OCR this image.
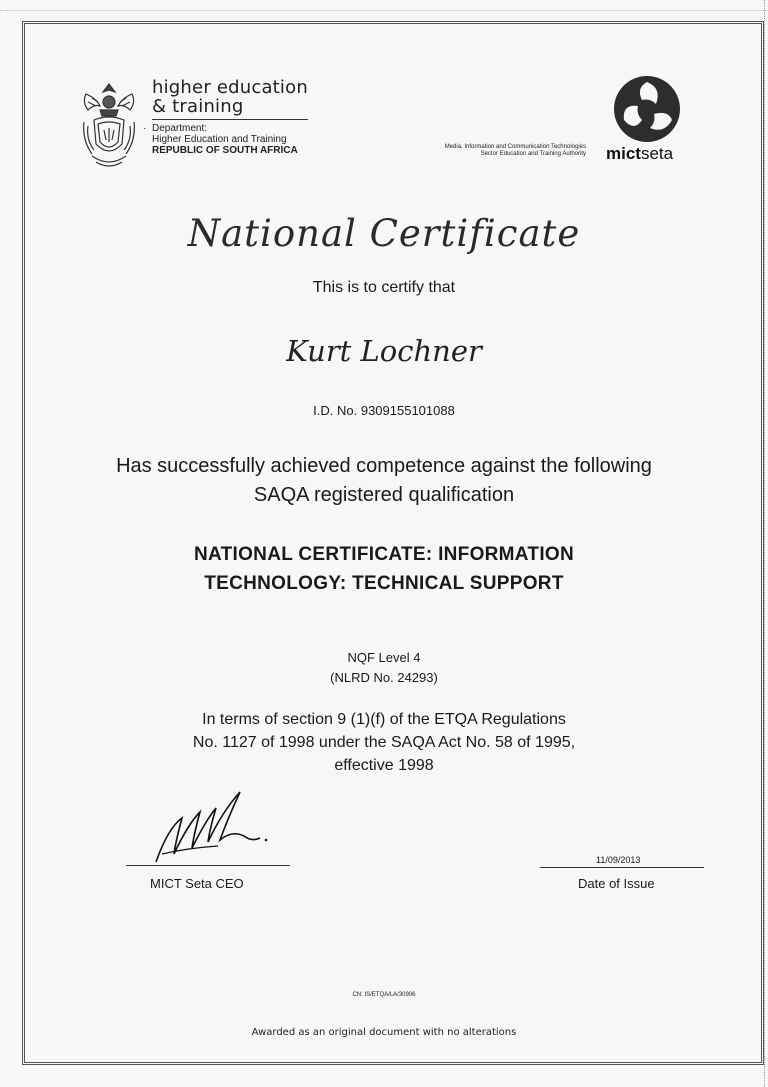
higher education
& training
· Department:
Higher Education and Training
REPUBLIC OF SOUTH AFRICA	Media, Information and Communication Technologies
Sector Education and Training Authority mictseta
National Certificate
This is to certify that
Kurt Lochner
I.D. No. 9309155101088
Has successfully achieved competence against the following
SAQA registered qualification
NATIONAL CERTIFICATE: INFORMATION
TECHNOLOGY: TECHNICAL SUPPORT
NQF Level 4
(NLRD No. 24293)
In terms of section 9 (1)(f) of the ETQA Regulations
No. 1127 of 1998 under the SAQA Act No. 58 of 1995,
effective 1998
MICT Seta CEO
11/09/2013
Date of Issue
CN: IS/ETQA/LA/30906
Awarded as an original document with no alterations
